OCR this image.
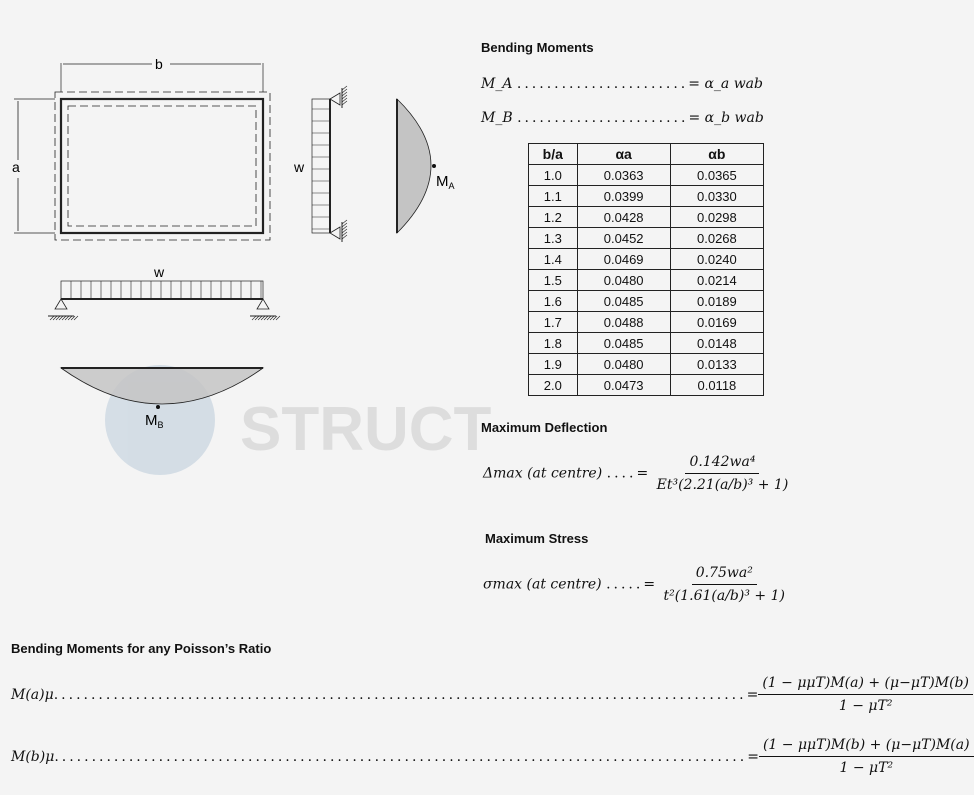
STRUCT
b
a	w
w
$M_A$
$M_B$
Bending Moments
M_A .......................= α_a wab
M_B .......................= α_b wab
b/a	αa	αb
1.0	0.0363	0.0365
1.1	0.0399	0.0330
1.2	0.0428	0.0298
1.3	0.0452	0.0268
1.4	0.0469	0.0240
1.5	0.0480	0.0214
1.6	0.0485	0.0189
1.7	0.0488	0.0169
1.8	0.0485	0.0148
1.9	0.0480	0.0133
2.0	0.0473	0.0118
Maximum Deflection
Δmax (at centre) ....= $\frac{\text{0.142wa⁴}}{\text{Et³(2.21(a/b)³ + 1)}}$
Maximum Stress
σmax (at centre) .....= $\frac{\text{0.75wa²}}{\text{t²(1.61(a/b)³ + 1)}}$
Bending Moments for any Poisson’s Ratio
M(a)μ ............................................................................................. = $\frac{\text{(1 − μμT)M(a) + (μ−μT)M(b)}}{\text{1 − μT²}}$
M(b)μ ............................................................................................. = $\frac{\text{(1 − μμT)M(b) + (μ−μT)M(a)}}{\text{1 − μT²}}$
